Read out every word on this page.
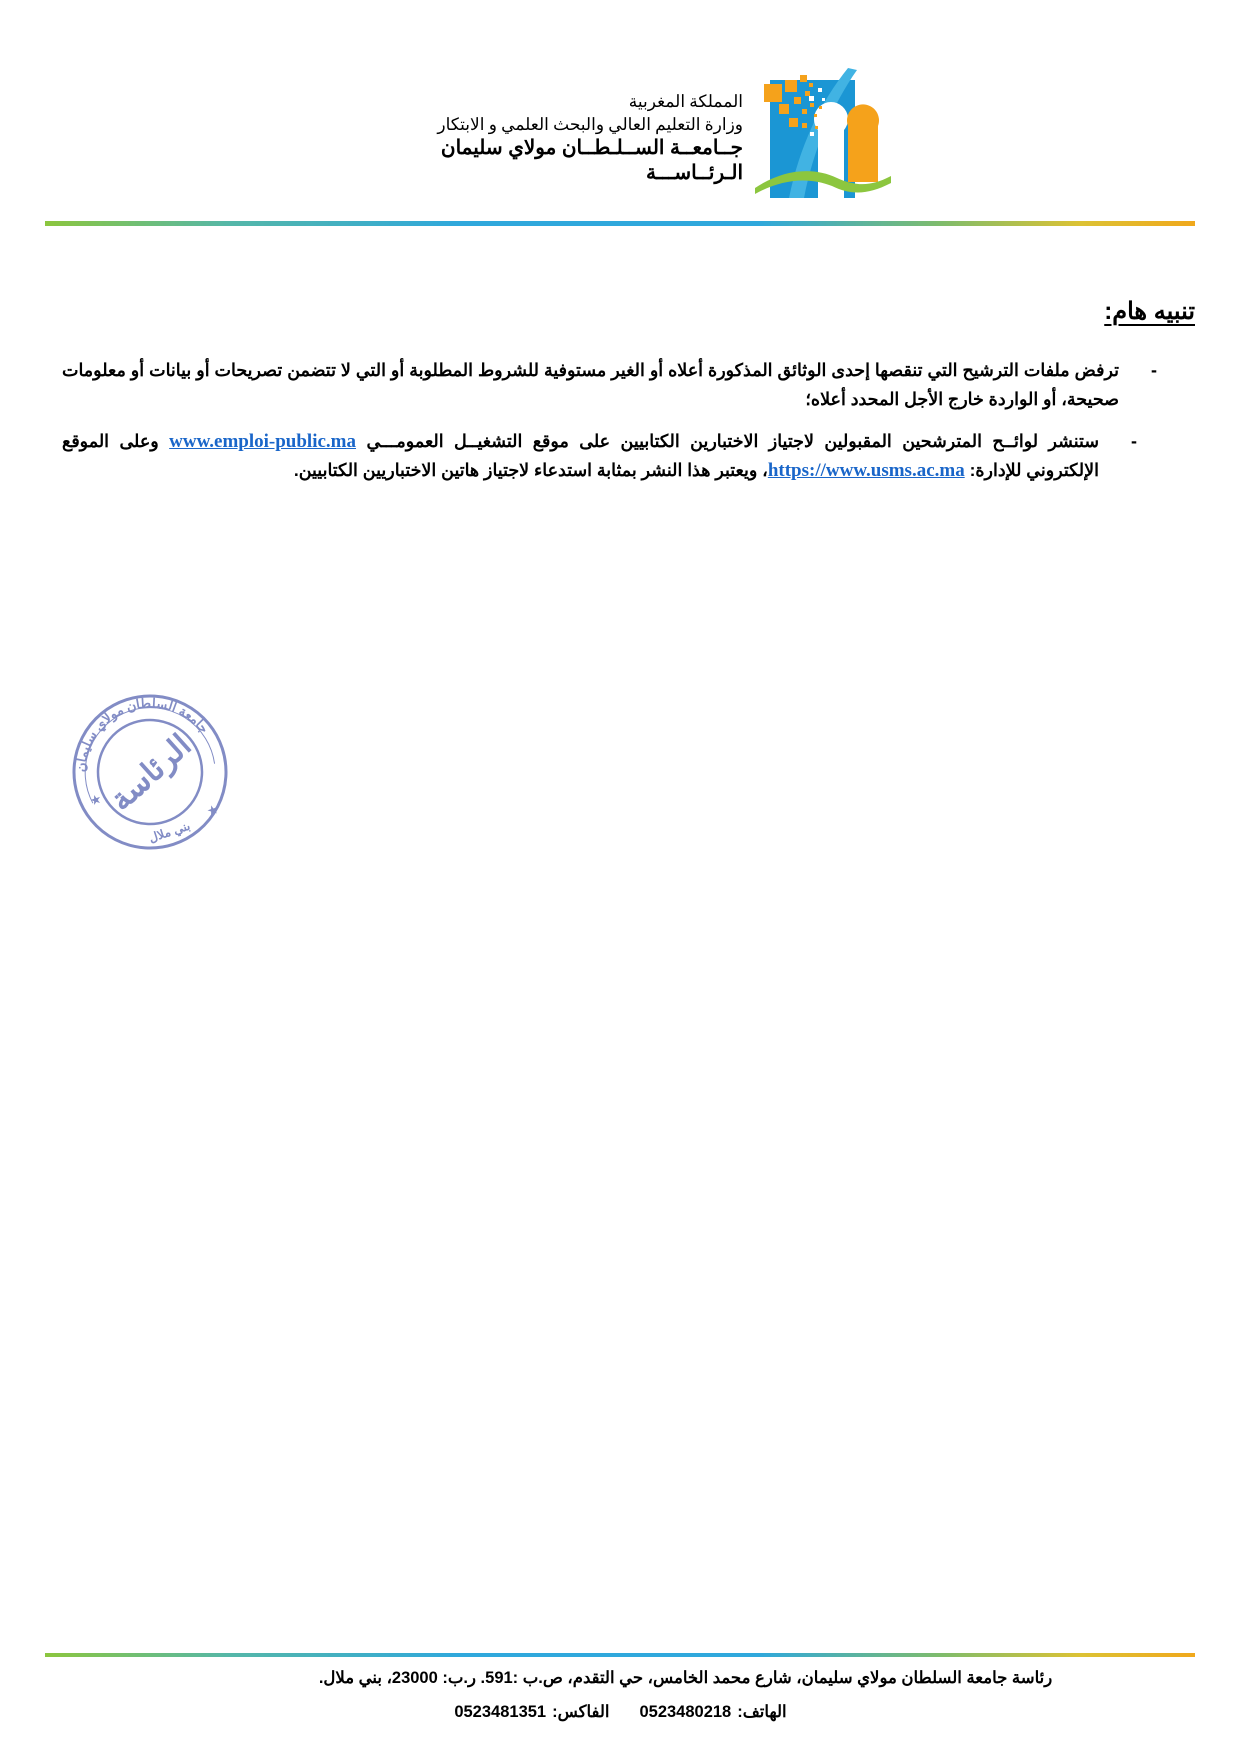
المملكة المغربية
وزارة التعليم العالي والبحث العلمي و الابتكار
جــامعــة الســلـطــان مولاي سليمان
الـرئــاســـة
تنبيه هام:
-

ترفض ملفات الترشيح التي تنقصها إحدى الوثائق المذكورة أعلاه أو الغير مستوفية للشروط المطلوبة أو التي لا تتضمن تصريحات أو بيانات أو معلومات صحيحة، أو الواردة خارج الأجل المحدد أعلاه؛

-

ستنشر لوائــح المترشحين المقبولين لاجتياز الاختبارين الكتابيين على موقع التشغيــل العمومـــي www.emploi-public.ma وعلى الموقع الإلكتروني للإدارة: https://www.usms.ac.ma، ويعتبر هذا النشر بمثابة استدعاء لاجتياز هاتين الاختباريين الكتابيين.

جامعة السلطان مولاي سليمان
بني ملال
★
★
الرئاسة
رئاسة جامعة السلطان مولاي سليمان، شارع محمد الخامس، حي التقدم، ص.ب :591. ر.ب: 23000، بني ملال.
الهاتف:0523480218الفاكس:0523481351
